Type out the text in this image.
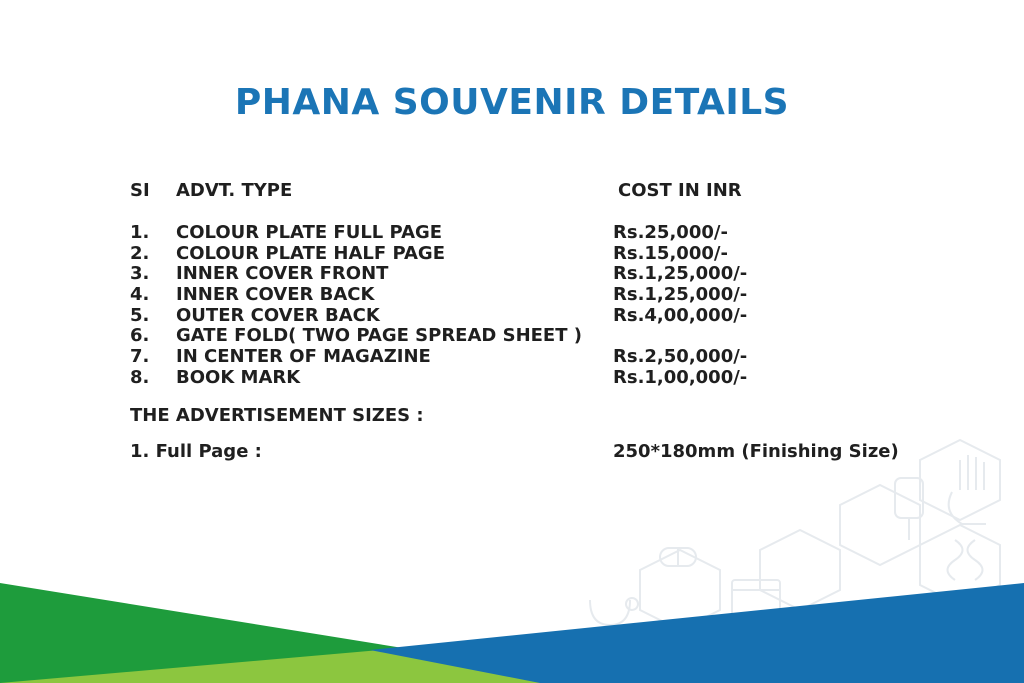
PHANA SOUVENIR DETAILS
SI ADVT. TYPE	COST IN INR
1. COLOUR PLATE FULL PAGE	Rs.25,000/-
2. COLOUR PLATE HALF PAGE	Rs.15,000/-
3. INNER COVER FRONT	Rs.1,25,000/-
4. INNER COVER BACK	Rs.1,25,000/-
5. OUTER COVER BACK	Rs.4,00,000/-
6. GATE FOLD( TWO PAGE SPREAD SHEET )
7. IN CENTER OF MAGAZINE	Rs.2,50,000/-
8. BOOK MARK	Rs.1,00,000/-
THE ADVERTISEMENT SIZES :
1. Full Page :	250*180mm (Finishing Size)
